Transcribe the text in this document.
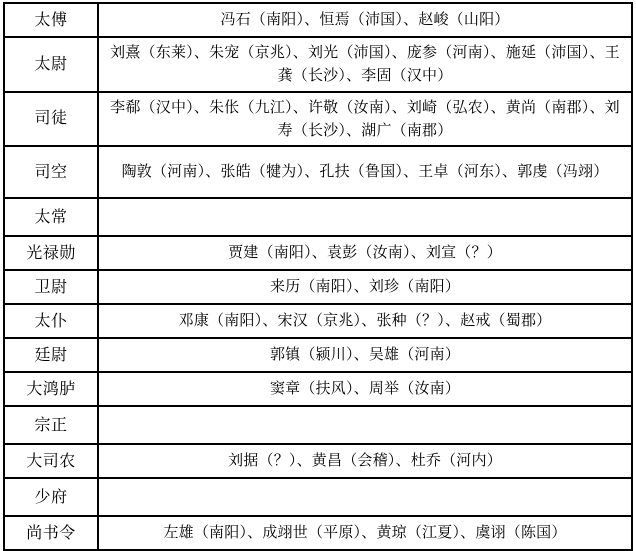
太傅	冯石（南阳）、恒焉（沛国）、赵峻（山阳）
太尉	刘熹（东莱）、朱宠（京兆）、刘光（沛国）、庞参（河南）、施延（沛国）、王龚（长沙）、李固（汉中）
司徒	李郗（汉中）、朱伥（九江）、许敬（汝南）、刘崎（弘农）、黄尚（南郡）、刘寿（长沙）、湖广（南郡）
司空	陶敦（河南）、张皓（犍为）、孔扶（鲁国）、王卓（河东）、郭虔（冯翊）
太常	
光禄勋	贾建（南阳）、袁彭（汝南）、刘宣（？）
卫尉	来历（南阳）、刘珍（南阳）
太仆	邓康（南阳）、宋汉（京兆）、张种（？）、赵戒（蜀郡）
廷尉	郭镇（颍川）、吴雄（河南）
大鸿胪	窦章（扶风）、周举（汝南）
宗正	
大司农	刘据（？）、黄昌（会稽）、杜乔（河内）
少府	
尚书令	左雄（南阳）、成翊世（平原）、黄琼（江夏）、虞诩（陈国）
